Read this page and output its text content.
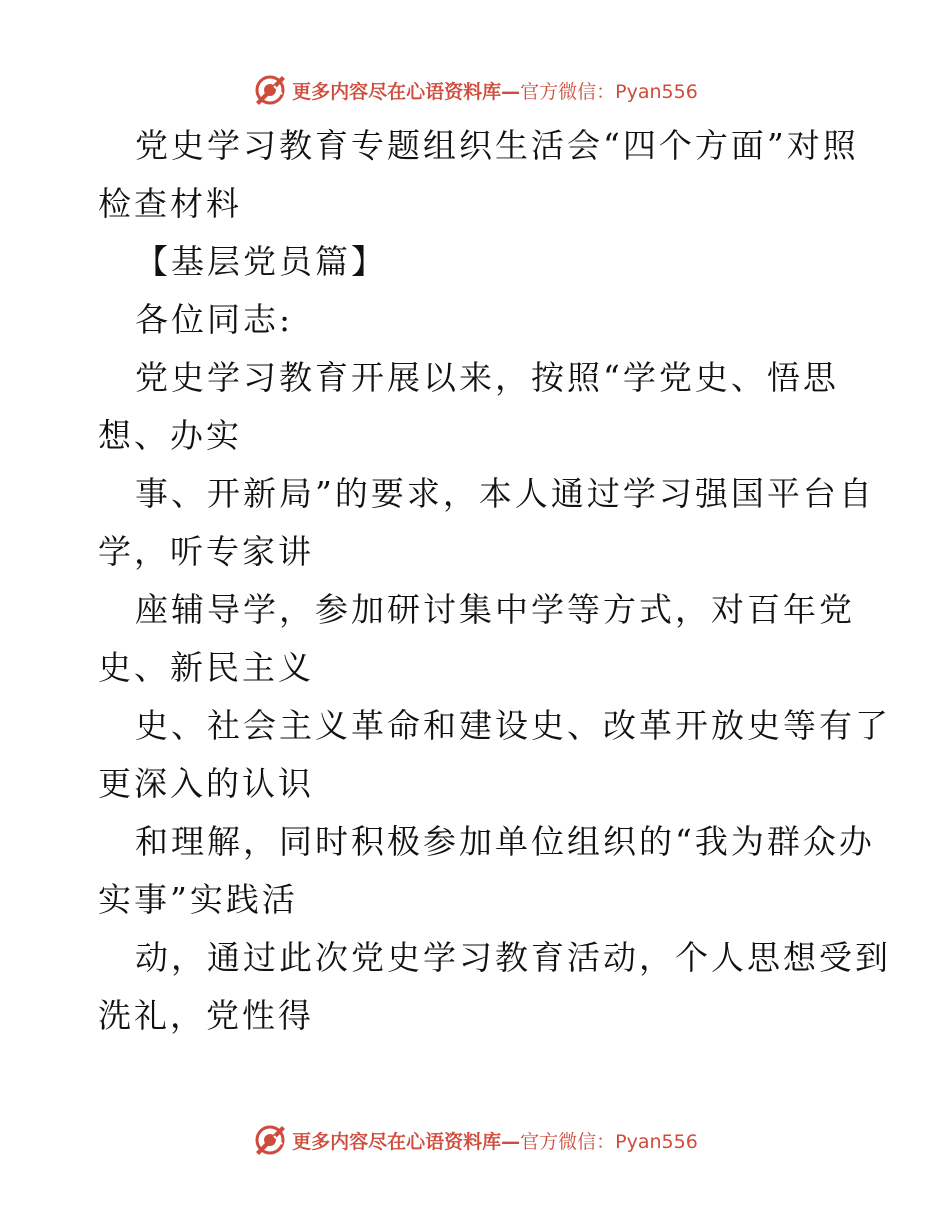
更多内容尽在心语资料库—官方微信：Pyan556
党史学习教育专题组织生活会“四个方面”对照
检查材料
【基层党员篇】
各位同志:
党史学习教育开展以来，按照“学党史、悟思
想、办实
事、开新局”的要求，本人通过学习强国平台自
学，听专家讲
座辅导学，参加研讨集中学等方式，对百年党
史、新民主义
史、社会主义革命和建设史、改革开放史等有了
更深入的认识
和理解，同时积极参加单位组织的“我为群众办
实事”实践活
动，通过此次党史学习教育活动，个人思想受到
洗礼，党性得
更多内容尽在心语资料库—官方微信：Pyan556
